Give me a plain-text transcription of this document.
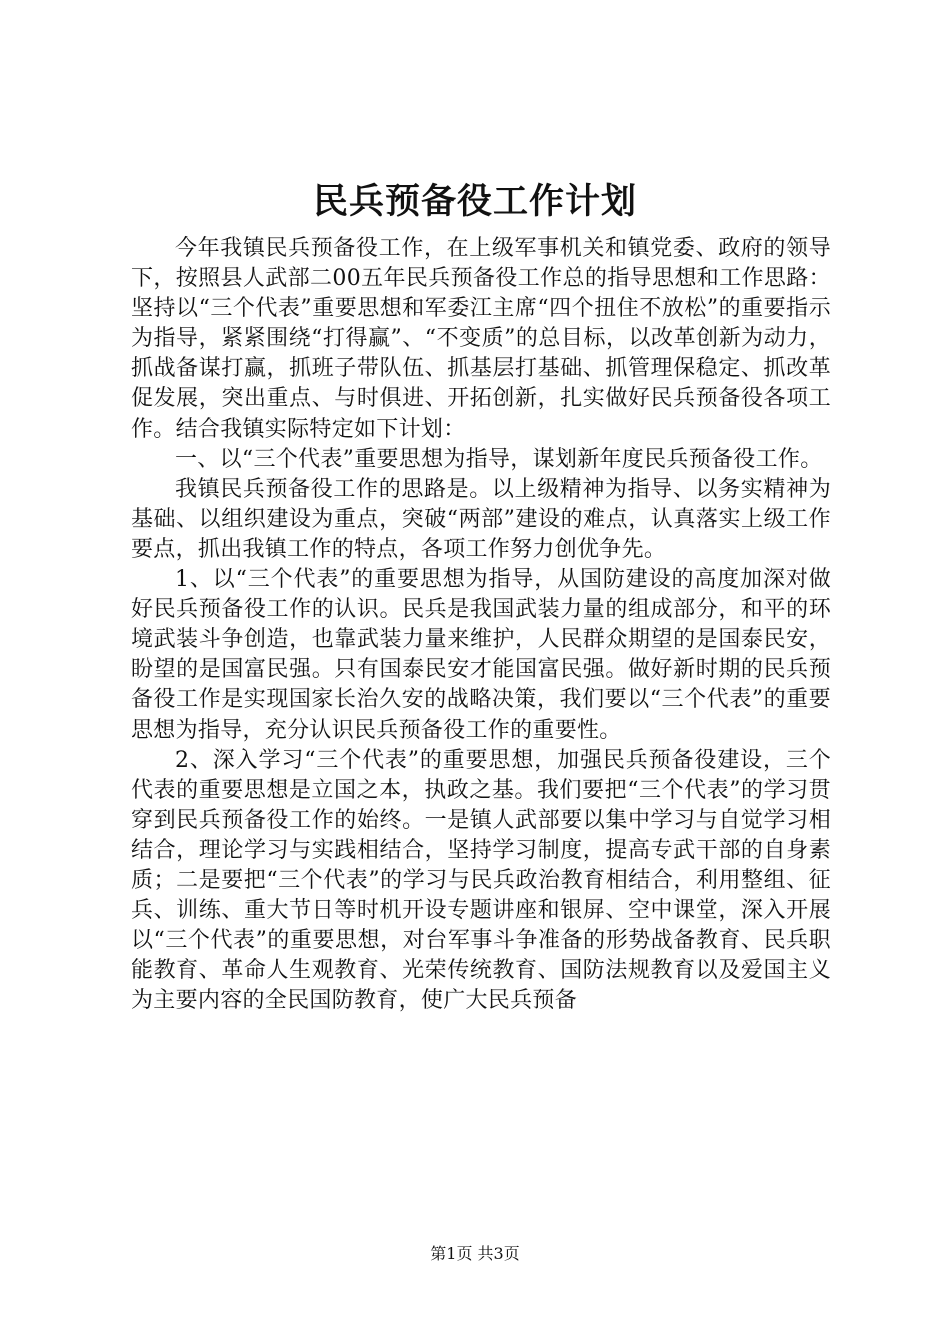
民兵预备役工作计划

今年我镇民兵预备役工作，在上级军事机关和镇党委、政府的领导下，按照县人武部二00五年民兵预备役工作总的指导思想和工作思路：坚持以“三个代表”重要思想和军委江主席“四个扭住不放松”的重要指示为指导，紧紧围绕“打得赢”、“不变质”的总目标，以改革创新为动力，抓战备谋打赢，抓班子带队伍、抓基层打基础、抓管理保稳定、抓改革促发展，突出重点、与时俱进、开拓创新，扎实做好民兵预备役各项工作。结合我镇实际特定如下计划：

一、以“三个代表”重要思想为指导，谋划新年度民兵预备役工作。

我镇民兵预备役工作的思路是。以上级精神为指导、以务实精神为基础、以组织建设为重点，突破“两部”建设的难点，认真落实上级工作要点，抓出我镇工作的特点，各项工作努力创优争先。

1、以“三个代表”的重要思想为指导，从国防建设的高度加深对做好民兵预备役工作的认识。民兵是我国武装力量的组成部分，和平的环境武装斗争创造，也靠武装力量来维护，人民群众期望的是国泰民安，盼望的是国富民强。只有国泰民安才能国富民强。做好新时期的民兵预备役工作是实现国家长治久安的战略决策，我们要以“三个代表”的重要思想为指导，充分认识民兵预备役工作的重要性。

2、深入学习“三个代表”的重要思想，加强民兵预备役建设，三个代表的重要思想是立国之本，执政之基。我们要把“三个代表”的学习贯穿到民兵预备役工作的始终。一是镇人武部要以集中学习与自觉学习相结合，理论学习与实践相结合，坚持学习制度，提高专武干部的自身素质；二是要把“三个代表”的学习与民兵政治教育相结合，利用整组、征兵、训练、重大节日等时机开设专题讲座和银屏、空中课堂，深入开展以“三个代表”的重要思想，对台军事斗争准备的形势战备教育、民兵职能教育、革命人生观教育、光荣传统教育、国防法规教育以及爱国主义为主要内容的全民国防教育，使广大民兵预备

第1页 共3页
